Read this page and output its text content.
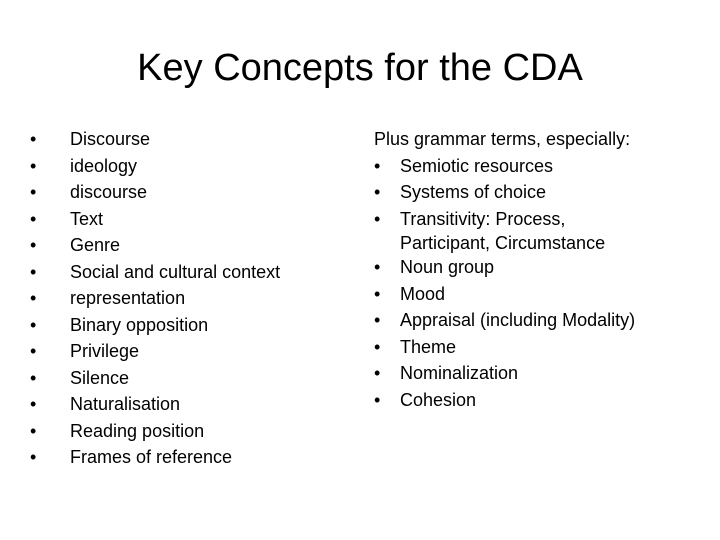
Key Concepts for the CDA
• Discourse
• ideology
• discourse
• Text
• Genre
• Social and cultural context
• representation
• Binary opposition
• Privilege
• Silence
• Naturalisation
• Reading position
• Frames of reference
Plus grammar terms, especially:
• Semiotic resources
• Systems of choice
• Transitivity: Process,
Participant, Circumstance
• Noun group
• Mood
• Appraisal (including Modality)
• Theme
• Nominalization
• Cohesion
